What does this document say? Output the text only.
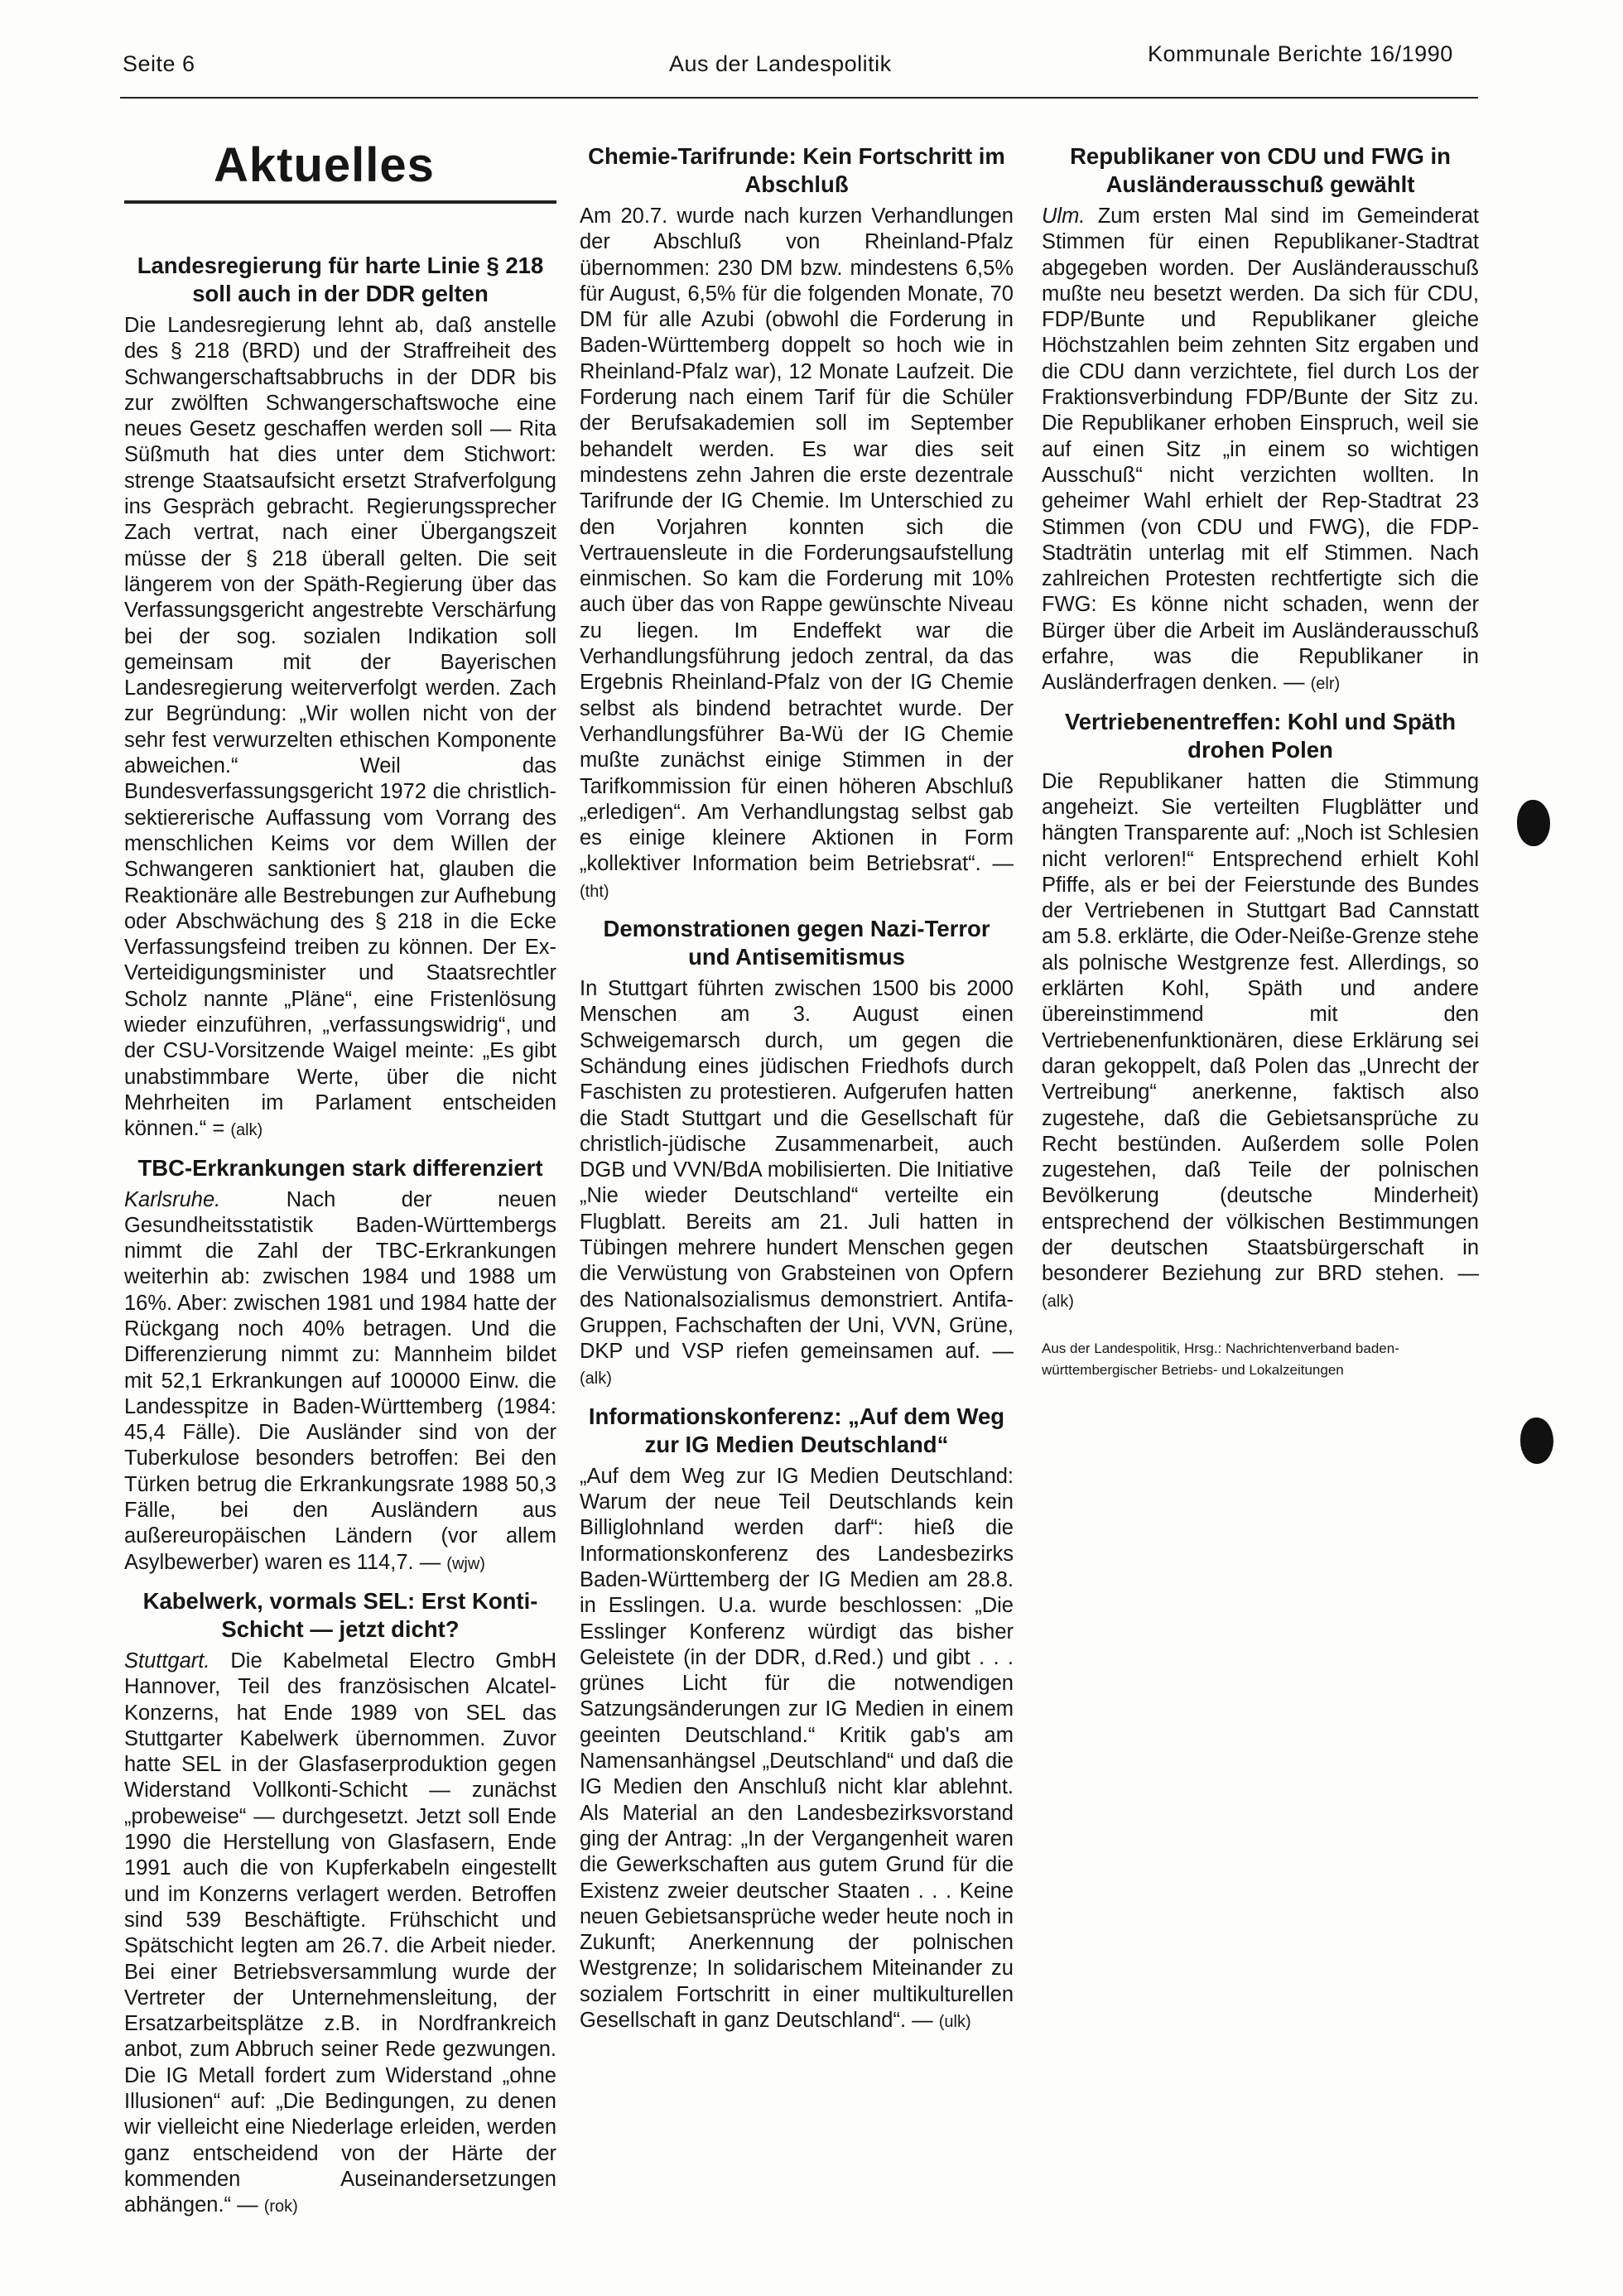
Seite 6	Aus der Landespolitik	Kommunale Berichte 16/1990
Aktuelles
Landesregierung für harte Linie § 218 soll auch in der DDR gelten

Die Landesregierung lehnt ab, daß anstelle des § 218 (BRD) und der Straffreiheit des Schwangerschaftsabbruchs in der DDR bis zur zwölften Schwangerschaftswoche eine neues Gesetz geschaffen werden soll — Rita Süßmuth hat dies unter dem Stichwort: strenge Staatsaufsicht ersetzt Strafverfolgung ins Gespräch gebracht. Regierungssprecher Zach vertrat, nach einer Übergangszeit müsse der § 218 überall gelten. Die seit längerem von der Späth-Regierung über das Verfassungsgericht angestrebte Verschärfung bei der sog. sozialen Indikation soll gemeinsam mit der Bayerischen Landesregierung weiterverfolgt werden. Zach zur Begründung: „Wir wollen nicht von der sehr fest verwurzelten ethischen Komponente abweichen.“ Weil das Bundesverfassungsgericht 1972 die christlich-sektiererische Auffassung vom Vorrang des menschlichen Keims vor dem Willen der Schwangeren sanktioniert hat, glauben die Reaktionäre alle Bestrebungen zur Aufhebung oder Abschwächung des § 218 in die Ecke Verfassungsfeind treiben zu können. Der Ex-Verteidigungsminister und Staatsrechtler Scholz nannte „Pläne“, eine Fristenlösung wieder einzuführen, „verfassungswidrig“, und der CSU-Vorsitzende Waigel meinte: „Es gibt unabstimmbare Werte, über die nicht Mehrheiten im Parlament entscheiden können.“ = (alk)

TBC-Erkrankungen stark differenziert

Karlsruhe.	Nach der neuen Gesundheitsstatistik Baden-Württembergs nimmt die Zahl der TBC-Erkrankungen weiterhin ab: zwischen 1984 und 1988 um 16%. Aber: zwischen 1981 und 1984 hatte der Rückgang noch 40% betragen. Und die Differenzierung nimmt zu: Mannheim bildet mit 52,1 Erkrankungen auf 100000 Einw. die Landesspitze in Baden-Württemberg (1984: 45,4 Fälle). Die Ausländer sind von der Tuberkulose besonders betroffen: Bei den Türken betrug die Erkrankungsrate 1988 50,3 Fälle, bei den Ausländern aus außereuropäischen Ländern (vor allem Asylbewerber) waren es 114,7. — (wjw)

Kabelwerk, vormals SEL: Erst Konti-Schicht — jetzt dicht?

Stuttgart. Die Kabelmetal Electro GmbH Hannover, Teil des französischen Alcatel-Konzerns, hat Ende 1989 von SEL das Stuttgarter Kabelwerk übernommen. Zuvor hatte SEL in der Glasfaserproduktion gegen Widerstand Vollkonti-Schicht — zunächst „probeweise“ — durchgesetzt. Jetzt soll Ende 1990 die Herstellung von Glasfasern, Ende 1991 auch die von Kupferkabeln eingestellt und im Konzerns verlagert werden. Betroffen sind 539 Beschäftigte. Frühschicht und Spätschicht legten am 26.7. die Arbeit nieder. Bei einer Betriebsversammlung wurde der Vertreter der Unternehmensleitung, der Ersatzarbeitsplätze z.B. in Nordfrankreich anbot, zum Abbruch seiner Rede gezwungen. Die IG Metall fordert zum Widerstand „ohne Illusionen“ auf: „Die Bedingungen, zu denen wir vielleicht eine Niederlage erleiden, werden ganz entscheidend von der Härte der kommenden Auseinandersetzungen abhängen.“ — (rok)

Chemie-Tarifrunde: Kein Fortschritt im Abschluß

Am 20.7. wurde nach kurzen Verhandlungen der Abschluß von Rheinland-Pfalz übernommen: 230 DM bzw. mindestens 6,5% für August, 6,5% für die folgenden Monate, 70 DM für alle Azubi (obwohl die Forderung in Baden-Württemberg doppelt so hoch wie in Rheinland-Pfalz war), 12 Monate Laufzeit. Die Forderung nach einem Tarif für die Schüler der Berufsakademien soll im September behandelt werden. Es war dies seit mindestens zehn Jahren die erste dezentrale Tarifrunde der IG Chemie. Im Unterschied zu den Vorjahren konnten sich die Vertrauensleute in die Forderungsaufstellung einmischen. So kam die Forderung mit 10% auch über das von Rappe gewünschte Niveau zu liegen. Im Endeffekt war die Verhandlungsführung jedoch zentral, da das Ergebnis Rheinland-Pfalz von der IG Chemie selbst als bindend betrachtet wurde. Der Verhandlungsführer Ba-Wü der IG Chemie mußte zunächst einige Stimmen in der Tarifkommission für einen höheren Abschluß „erledigen“. Am Verhandlungstag selbst gab es einige kleinere Aktionen in Form „kollektiver Information beim Betriebsrat“. — (tht)

Demonstrationen gegen Nazi-Terror und Antisemitismus

In Stuttgart führten zwischen 1500 bis 2000 Menschen am 3. August einen Schweigemarsch durch, um gegen die Schändung eines jüdischen Friedhofs durch Faschisten zu protestieren. Aufgerufen hatten die Stadt Stuttgart und die Gesellschaft für christlich-jüdische Zusammenarbeit, auch DGB und VVN/BdA mobilisierten. Die Initiative „Nie wieder Deutschland“ verteilte ein Flugblatt. Bereits am 21. Juli hatten in Tübingen mehrere hundert Menschen gegen die Verwüstung von Grabsteinen von Opfern des Nationalsozialismus demonstriert. Antifa-Gruppen, Fachschaften der Uni, VVN, Grüne, DKP und VSP riefen gemeinsamen auf. — (alk)

Informationskonferenz: „Auf dem Weg zur IG Medien Deutschland“

„Auf dem Weg zur IG Medien Deutschland: Warum der neue Teil Deutschlands kein Billiglohnland werden darf“: hieß die Informationskonferenz des Landesbezirks Baden-Württemberg der IG Medien am 28.8. in Esslingen. U.a. wurde beschlossen: „Die Esslinger Konferenz würdigt das bisher Geleistete (in der DDR, d.Red.) und gibt . . . grünes Licht für die notwendigen Satzungsänderungen zur IG Medien in einem geeinten Deutschland.“ Kritik gab's am Namensanhängsel „Deutschland“ und daß die IG Medien den Anschluß nicht klar ablehnt. Als Material an den Landesbezirksvorstand ging der Antrag: „In der Vergangenheit waren die Gewerkschaften aus gutem Grund für die Existenz zweier deutscher Staaten . . . Keine neuen Gebietsansprüche weder heute noch in Zukunft; Anerkennung der polnischen Westgrenze; In solidarischem Miteinander zu sozialem Fortschritt in einer multikulturellen Gesellschaft in ganz Deutschland“. — (ulk)

Republikaner von CDU und FWG in Ausländerausschuß gewählt

Ulm. Zum ersten Mal sind im Gemeinderat Stimmen für einen Republikaner-Stadtrat abgegeben worden. Der Ausländerausschuß mußte neu besetzt werden. Da sich für CDU, FDP/Bunte und Republikaner gleiche Höchstzahlen beim zehnten Sitz ergaben und die CDU dann verzichtete, fiel durch Los der Fraktionsverbindung FDP/Bunte der Sitz zu. Die Republikaner erhoben Einspruch, weil sie auf einen Sitz „in einem so wichtigen Ausschuß“ nicht verzichten wollten. In geheimer Wahl erhielt der Rep-Stadtrat 23 Stimmen (von CDU und FWG), die FDP-Stadträtin unterlag mit elf Stimmen. Nach zahlreichen Protesten rechtfertigte sich die FWG: Es könne nicht schaden, wenn der Bürger über die Arbeit im Ausländerausschuß erfahre, was die Republikaner in Ausländerfragen denken. — (elr)

Vertriebenentreffen: Kohl und Späth drohen Polen

Die Republikaner hatten die Stimmung angeheizt. Sie verteilten Flugblätter und hängten Transparente auf: „Noch ist Schlesien nicht verloren!“ Entsprechend erhielt Kohl Pfiffe, als er bei der Feierstunde des Bundes der Vertriebenen in Stuttgart Bad Cannstatt am 5.8. erklärte, die Oder-Neiße-Grenze stehe als polnische Westgrenze fest. Allerdings, so erklärten Kohl, Späth und andere übereinstimmend mit den Vertriebenenfunktionären, diese Erklärung sei daran gekoppelt, daß Polen das „Unrecht der Vertreibung“ anerkenne, faktisch also zugestehe, daß die Gebietsansprüche zu Recht bestünden. Außerdem solle Polen zugestehen, daß Teile der polnischen Bevölkerung (deutsche Minderheit) entsprechend der völkischen Bestimmungen der deutschen Staatsbürgerschaft in besonderer Beziehung zur BRD stehen. — (alk)

Aus der Landespolitik, Hrsg.: Nachrichtenverband baden-württembergischer Betriebs- und Lokalzeitungen
